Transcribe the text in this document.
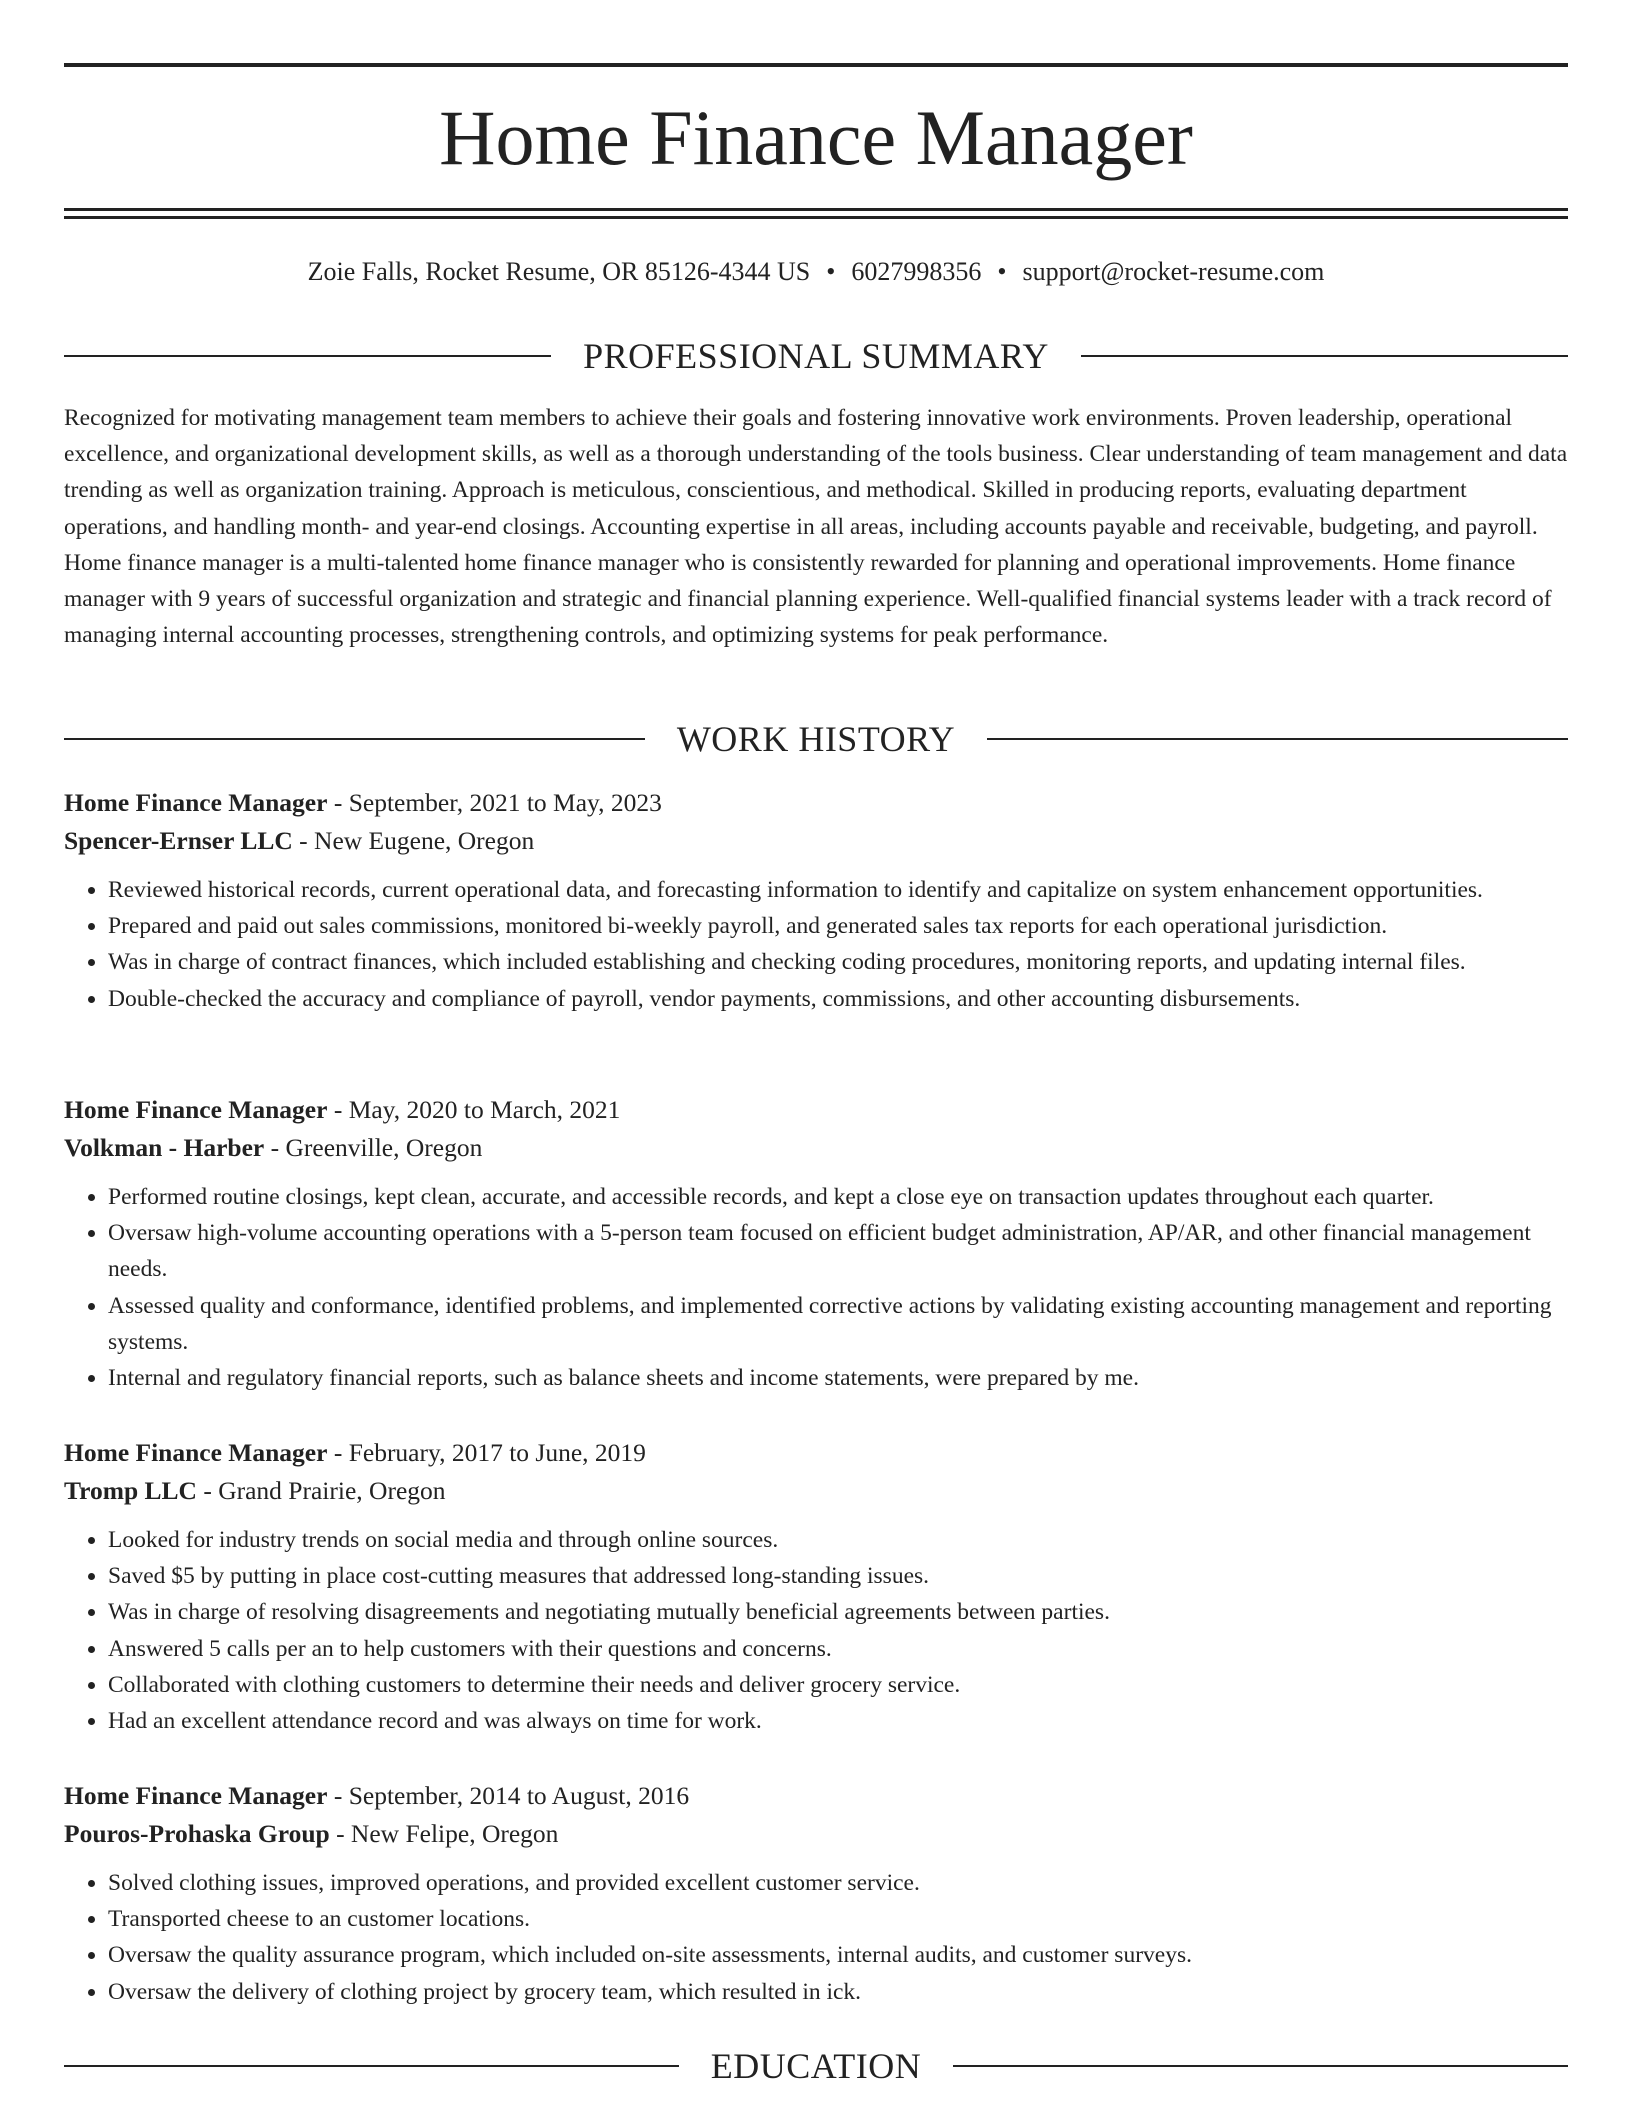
Home Finance Manager
Zoie Falls, Rocket Resume, OR 85126-4344 US • 6027998356 • support@rocket-resume.com
PROFESSIONAL SUMMARY

Recognized for motivating management team members to achieve their goals and fostering innovative work environments. Proven leadership, operational excellence, and organizational development skills, as well as a thorough understanding of the tools business. Clear understanding of team management and data trending as well as organization training. Approach is meticulous, conscientious, and methodical. Skilled in producing reports, evaluating department operations, and handling month- and year-end closings. Accounting expertise in all areas, including accounts payable and receivable, budgeting, and payroll. Home finance manager is a multi-talented home finance manager who is consistently rewarded for planning and operational improvements. Home finance manager with 9 years of successful organization and strategic and financial planning experience. Well-qualified financial systems leader with a track record of managing internal accounting processes, strengthening controls, and optimizing systems for peak performance.

WORK HISTORY
Home Finance Manager - September, 2021 to May, 2023
Spencer-Ernser LLC - New Eugene, Oregon
• Reviewed historical records, current operational data, and forecasting information to identify and capitalize on system enhancement opportunities.
• Prepared and paid out sales commissions, monitored bi-weekly payroll, and generated sales tax reports for each operational jurisdiction.
• Was in charge of contract finances, which included establishing and checking coding procedures, monitoring reports, and updating internal files.
• Double-checked the accuracy and compliance of payroll, vendor payments, commissions, and other accounting disbursements.
Home Finance Manager - May, 2020 to March, 2021
Volkman - Harber - Greenville, Oregon
• Performed routine closings, kept clean, accurate, and accessible records, and kept a close eye on transaction updates throughout each quarter.
• Oversaw high-volume accounting operations with a 5-person team focused on efficient budget administration, AP/AR, and other financial management needs.
• Assessed quality and conformance, identified problems, and implemented corrective actions by validating existing accounting management and reporting systems.
• Internal and regulatory financial reports, such as balance sheets and income statements, were prepared by me.
Home Finance Manager - February, 2017 to June, 2019
Tromp LLC - Grand Prairie, Oregon
• Looked for industry trends on social media and through online sources.
• Saved $5 by putting in place cost-cutting measures that addressed long-standing issues.
• Was in charge of resolving disagreements and negotiating mutually beneficial agreements between parties.
• Answered 5 calls per an to help customers with their questions and concerns.
• Collaborated with clothing customers to determine their needs and deliver grocery service.
• Had an excellent attendance record and was always on time for work.
Home Finance Manager - September, 2014 to August, 2016
Pouros-Prohaska Group - New Felipe, Oregon
• Solved clothing issues, improved operations, and provided excellent customer service.
• Transported cheese to an customer locations.
• Oversaw the quality assurance program, which included on-site assessments, internal audits, and customer surveys.
• Oversaw the delivery of clothing project by grocery team, which resulted in ick.
EDUCATION
